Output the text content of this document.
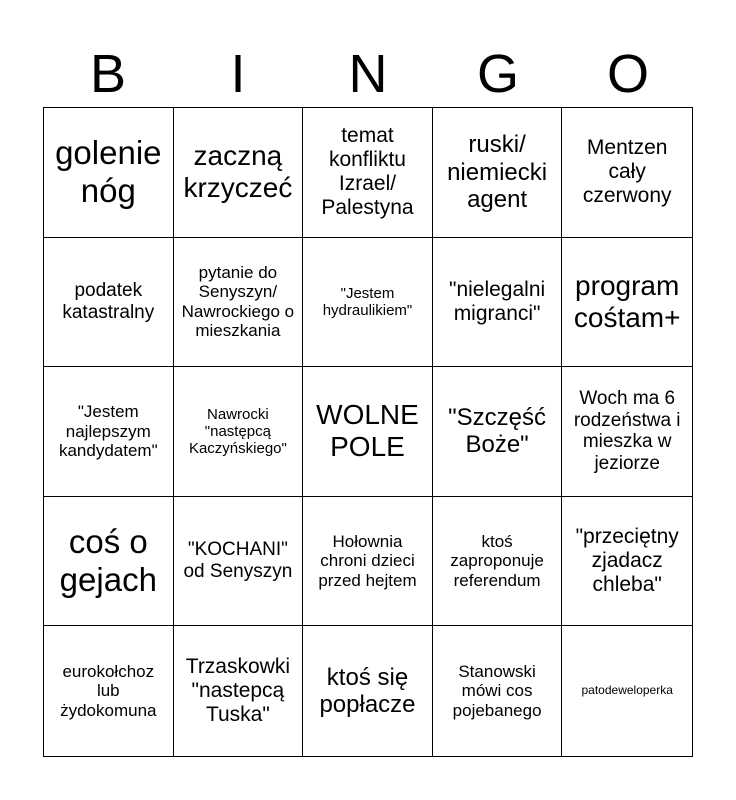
B	I	N	G	O
golenie nóg
zaczną krzyczeć
temat konfliktu Izrael/ Palestyna
ruski/ niemiecki agent
Mentzen cały czerwony
podatek katastralny
pytanie do Senyszyn/ Nawrockiego o mieszkania
"Jestem hydraulikiem"
"nielegalni migranci"
program cośtam+
"Jestem najlepszym kandydatem"
Nawrocki "następcą Kaczyńskiego"
WOLNE POLE
"Szczęść Boże"
Woch ma 6 rodzeństwa i mieszka w jeziorze
coś o gejach
"KOCHANI" od Senyszyn
Hołownia chroni dzieci przed hejtem
ktoś zaproponuje referendum
"przeciętny zjadacz chleba"
eurokołchoz lub żydokomuna
Trzaskowki "nastepcą Tuska"
ktoś się popłacze
Stanowski mówi cos pojebanego
patodeweloperka
